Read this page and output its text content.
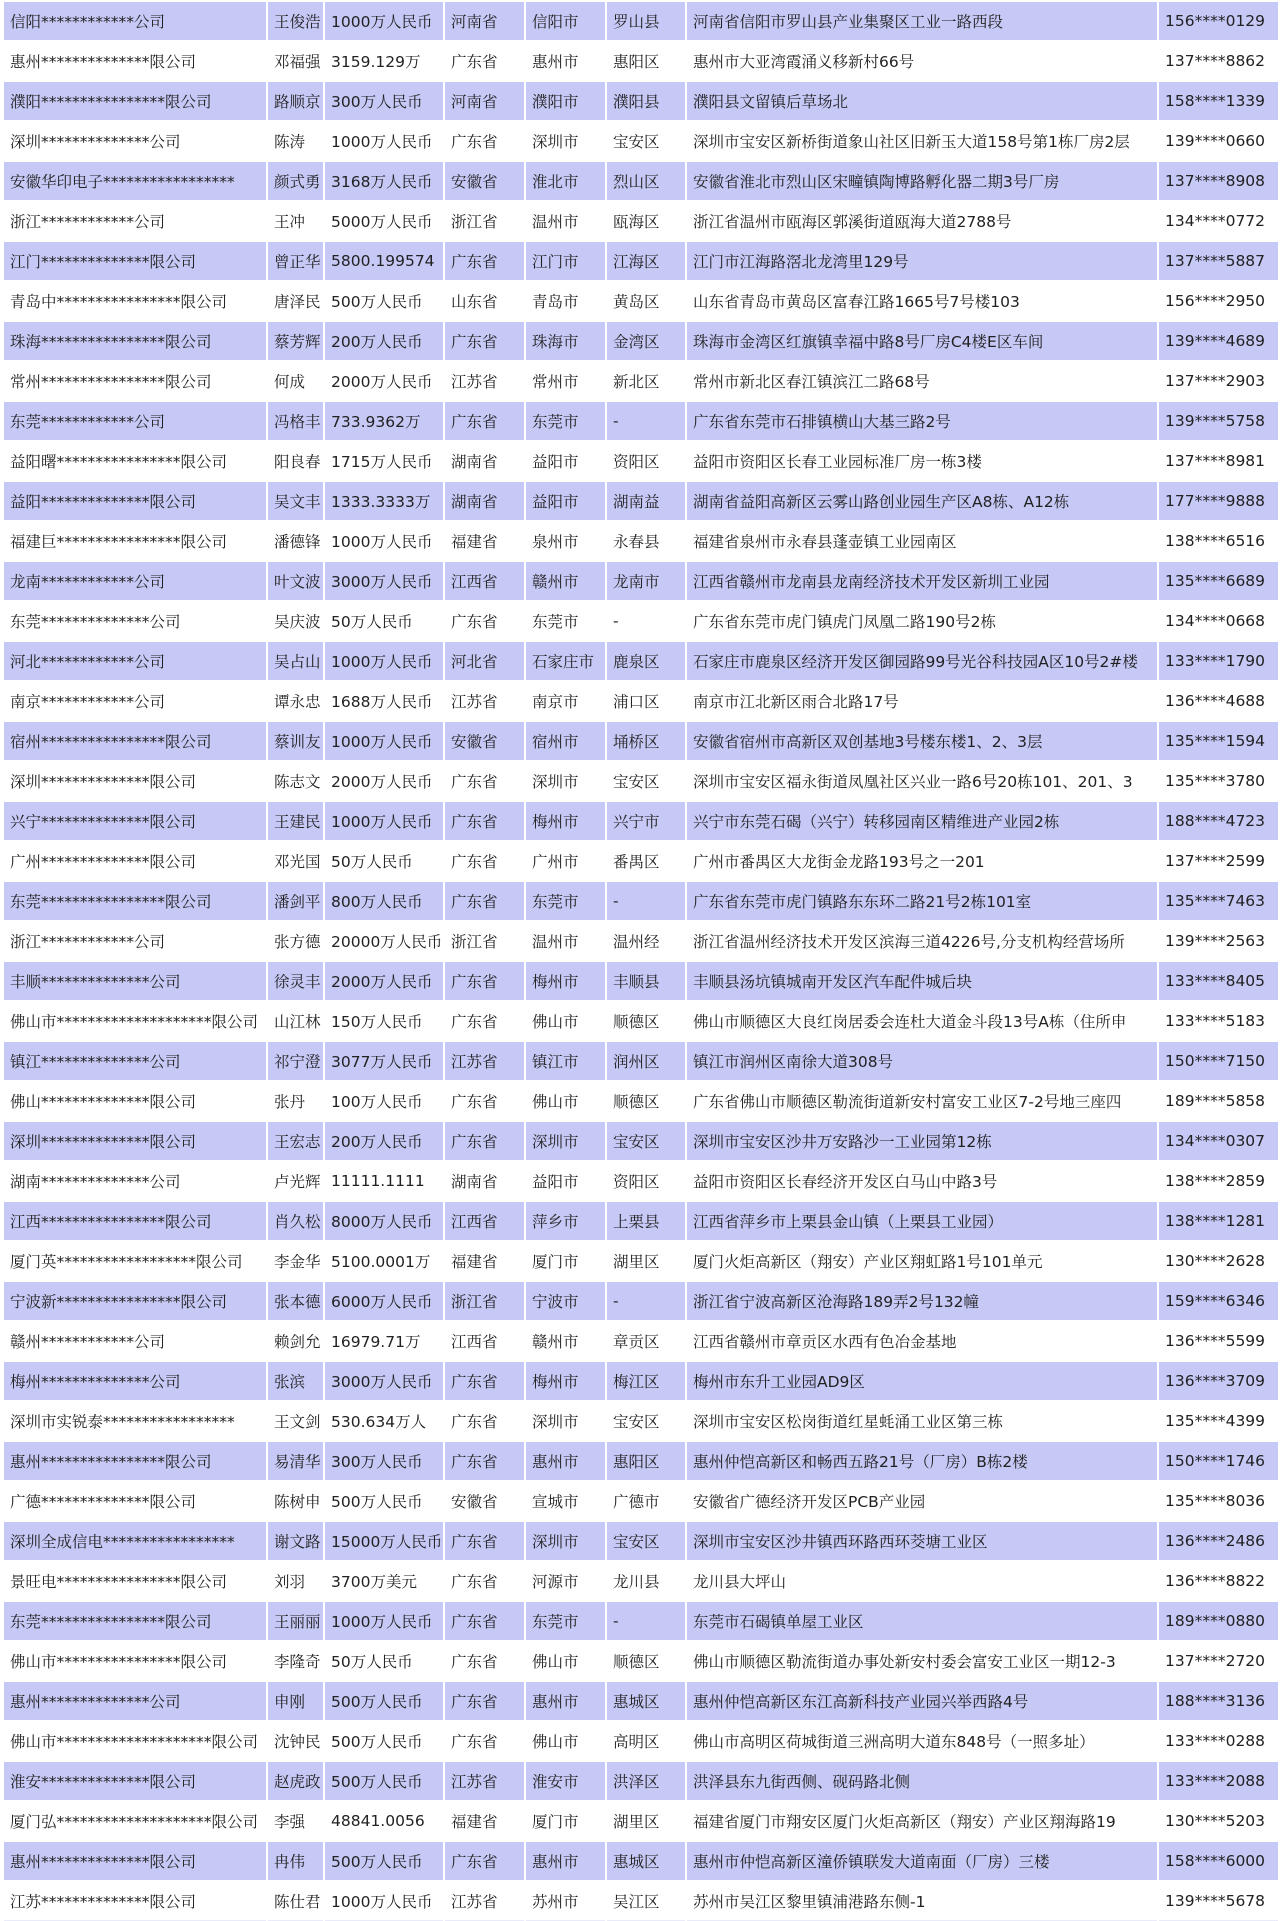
信阳************公司	王俊浩	1000万人民币	河南省	信阳市	罗山县	河南省信阳市罗山县产业集聚区工业一路西段	156****0129
惠州**************限公司	邓福强	3159.129万	广东省	惠州市	惠阳区	惠州市大亚湾霞涌义移新村66号	137****8862
濮阳****************限公司	路顺京	300万人民币	河南省	濮阳市	濮阳县	濮阳县文留镇后草场北	158****1339
深圳**************公司	陈涛	1000万人民币	广东省	深圳市	宝安区	深圳市宝安区新桥街道象山社区旧新玉大道158号第1栋厂房2层	139****0660
安徽华印电子*****************	颜式勇	3168万人民币	安徽省	淮北市	烈山区	安徽省淮北市烈山区宋疃镇陶博路孵化器二期3号厂房	137****8908
浙江************公司	王冲	5000万人民币	浙江省	温州市	瓯海区	浙江省温州市瓯海区郭溪街道瓯海大道2788号	134****0772
江门**************限公司	曾正华	5800.199574	广东省	江门市	江海区	江门市江海路滘北龙湾里129号	137****5887
青岛中****************限公司	唐泽民	500万人民币	山东省	青岛市	黄岛区	山东省青岛市黄岛区富春江路1665号7号楼103	156****2950
珠海****************限公司	蔡芳辉	200万人民币	广东省	珠海市	金湾区	珠海市金湾区红旗镇幸福中路8号厂房C4楼E区车间	139****4689
常州****************限公司	何成	2000万人民币	江苏省	常州市	新北区	常州市新北区春江镇滨江二路68号	137****2903
东莞************公司	冯格丰	733.9362万	广东省	东莞市	-	广东省东莞市石排镇横山大基三路2号	139****5758
益阳曙****************限公司	阳良春	1715万人民币	湖南省	益阳市	资阳区	益阳市资阳区长春工业园标准厂房一栋3楼	137****8981
益阳**************限公司	吴文丰	1333.3333万	湖南省	益阳市	湖南益	湖南省益阳高新区云雾山路创业园生产区A8栋、A12栋	177****9888
福建巨****************限公司	潘德锋	1000万人民币	福建省	泉州市	永春县	福建省泉州市永春县蓬壶镇工业园南区	138****6516
龙南************公司	叶文波	3000万人民币	江西省	赣州市	龙南市	江西省赣州市龙南县龙南经济技术开发区新圳工业园	135****6689
东莞**************公司	吴庆波	50万人民币	广东省	东莞市	-	广东省东莞市虎门镇虎门凤凰二路190号2栋	134****0668
河北************公司	吴占山	1000万人民币	河北省	石家庄市	鹿泉区	石家庄市鹿泉区经济开发区御园路99号光谷科技园A区10号2#楼	133****1790
南京************公司	谭永忠	1688万人民币	江苏省	南京市	浦口区	南京市江北新区雨合北路17号	136****4688
宿州****************限公司	蔡训友	1000万人民币	安徽省	宿州市	埇桥区	安徽省宿州市高新区双创基地3号楼东楼1、2、3层	135****1594
深圳**************限公司	陈志文	2000万人民币	广东省	深圳市	宝安区	深圳市宝安区福永街道凤凰社区兴业一路6号20栋101、201、3	135****3780
兴宁**************限公司	王建民	1000万人民币	广东省	梅州市	兴宁市	兴宁市东莞石碣（兴宁）转移园南区精维进产业园2栋	188****4723
广州**************限公司	邓光国	50万人民币	广东省	广州市	番禺区	广州市番禺区大龙街金龙路193号之一201	137****2599
东莞****************限公司	潘剑平	800万人民币	广东省	东莞市	-	广东省东莞市虎门镇路东东环二路21号2栋101室	135****7463
浙江************公司	张方德	20000万人民币	浙江省	温州市	温州经	浙江省温州经济技术开发区滨海三道4226号,分支机构经营场所	139****2563
丰顺**************公司	徐灵丰	2000万人民币	广东省	梅州市	丰顺县	丰顺县汤坑镇城南开发区汽车配件城后块	133****8405
佛山市********************限公司	山江林	150万人民币	广东省	佛山市	顺德区	佛山市顺德区大良红岗居委会连杜大道金斗段13号A栋（住所申	133****5183
镇江**************公司	祁宁澄	3077万人民币	江苏省	镇江市	润州区	镇江市润州区南徐大道308号	150****7150
佛山**************限公司	张丹	100万人民币	广东省	佛山市	顺德区	广东省佛山市顺德区勒流街道新安村富安工业区7-2号地三座四	189****5858
深圳**************限公司	王宏志	200万人民币	广东省	深圳市	宝安区	深圳市宝安区沙井万安路沙一工业园第12栋	134****0307
湖南**************公司	卢光辉	11111.1111	湖南省	益阳市	资阳区	益阳市资阳区长春经济开发区白马山中路3号	138****2859
江西****************限公司	肖久松	8000万人民币	江西省	萍乡市	上栗县	江西省萍乡市上栗县金山镇（上栗县工业园）	138****1281
厦门英******************限公司	李金华	5100.0001万	福建省	厦门市	湖里区	厦门火炬高新区（翔安）产业区翔虹路1号101单元	130****2628
宁波新****************限公司	张本德	6000万人民币	浙江省	宁波市	-	浙江省宁波高新区沧海路189弄2号132幢	159****6346
赣州************公司	赖剑允	16979.71万	江西省	赣州市	章贡区	江西省赣州市章贡区水西有色冶金基地	136****5599
梅州**************公司	张滨	3000万人民币	广东省	梅州市	梅江区	梅州市东升工业园AD9区	136****3709
深圳市实锐泰*****************	王文剑	530.634万人	广东省	深圳市	宝安区	深圳市宝安区松岗街道红星蚝涌工业区第三栋	135****4399
惠州****************限公司	易清华	300万人民币	广东省	惠州市	惠阳区	惠州仲恺高新区和畅西五路21号（厂房）B栋2楼	150****1746
广德**************限公司	陈树申	500万人民币	安徽省	宣城市	广德市	安徽省广德经济开发区PCB产业园	135****8036
深圳全成信电*****************	谢文路	15000万人民币	广东省	深圳市	宝安区	深圳市宝安区沙井镇西环路西环茭塘工业区	136****2486
景旺电****************限公司	刘羽	3700万美元	广东省	河源市	龙川县	龙川县大坪山	136****8822
东莞****************限公司	王丽丽	1000万人民币	广东省	东莞市	-	东莞市石碣镇单屋工业区	189****0880
佛山市****************限公司	李隆奇	50万人民币	广东省	佛山市	顺德区	佛山市顺德区勒流街道办事处新安村委会富安工业区一期12-3	137****2720
惠州**************公司	申刚	500万人民币	广东省	惠州市	惠城区	惠州仲恺高新区东江高新科技产业园兴举西路4号	188****3136
佛山市********************限公司	沈钟民	500万人民币	广东省	佛山市	高明区	佛山市高明区荷城街道三洲高明大道东848号（一照多址）	133****0288
淮安**************限公司	赵虎政	500万人民币	江苏省	淮安市	洪泽区	洪泽县东九街西侧、砚码路北侧	133****2088
厦门弘********************限公司	李强	48841.0056	福建省	厦门市	湖里区	福建省厦门市翔安区厦门火炬高新区（翔安）产业区翔海路19	130****5203
惠州**************限公司	冉伟	500万人民币	广东省	惠州市	惠城区	惠州市仲恺高新区潼侨镇联发大道南面（厂房）三楼	158****6000
江苏**************限公司	陈仕君	1000万人民币	江苏省	苏州市	吴江区	苏州市吴江区黎里镇浦港路东侧-1	139****5678
